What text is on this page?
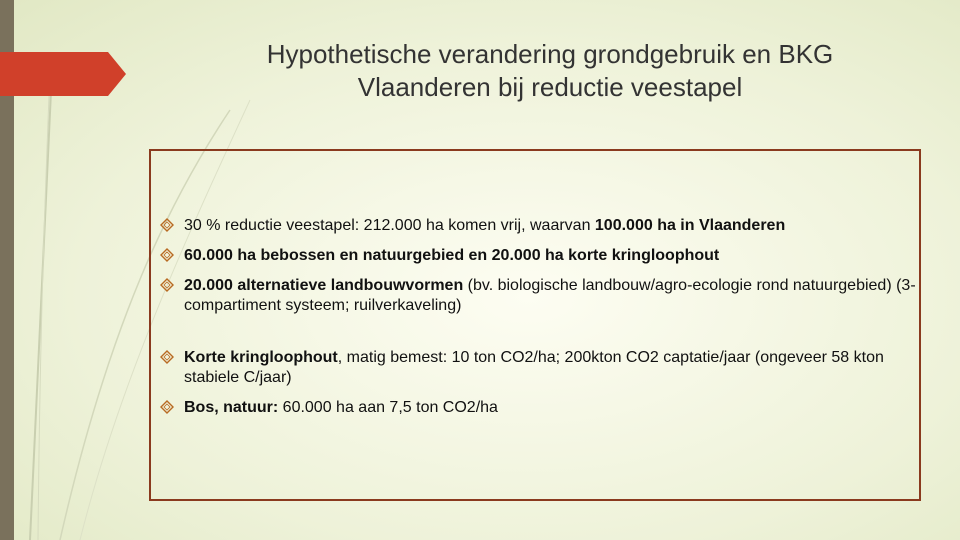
Hypothetische verandering grondgebruik en BKG
Vlaanderen bij reductie veestapel
30 % reductie veestapel: 212.000 ha komen vrij, waarvan 100.000 ha in Vlaanderen
60.000 ha bebossen en natuurgebied en 20.000 ha korte kringloophout
20.000 alternatieve landbouwvormen (bv. biologische landbouw/agro-ecologie rond natuurgebied) (3-compartiment systeem; ruilverkaveling)
Korte kringloophout, matig bemest: 10 ton CO2/ha; 200kton CO2 captatie/jaar (ongeveer 58 kton stabiele C/jaar)
Bos, natuur: 60.000 ha aan 7,5 ton CO2/ha
